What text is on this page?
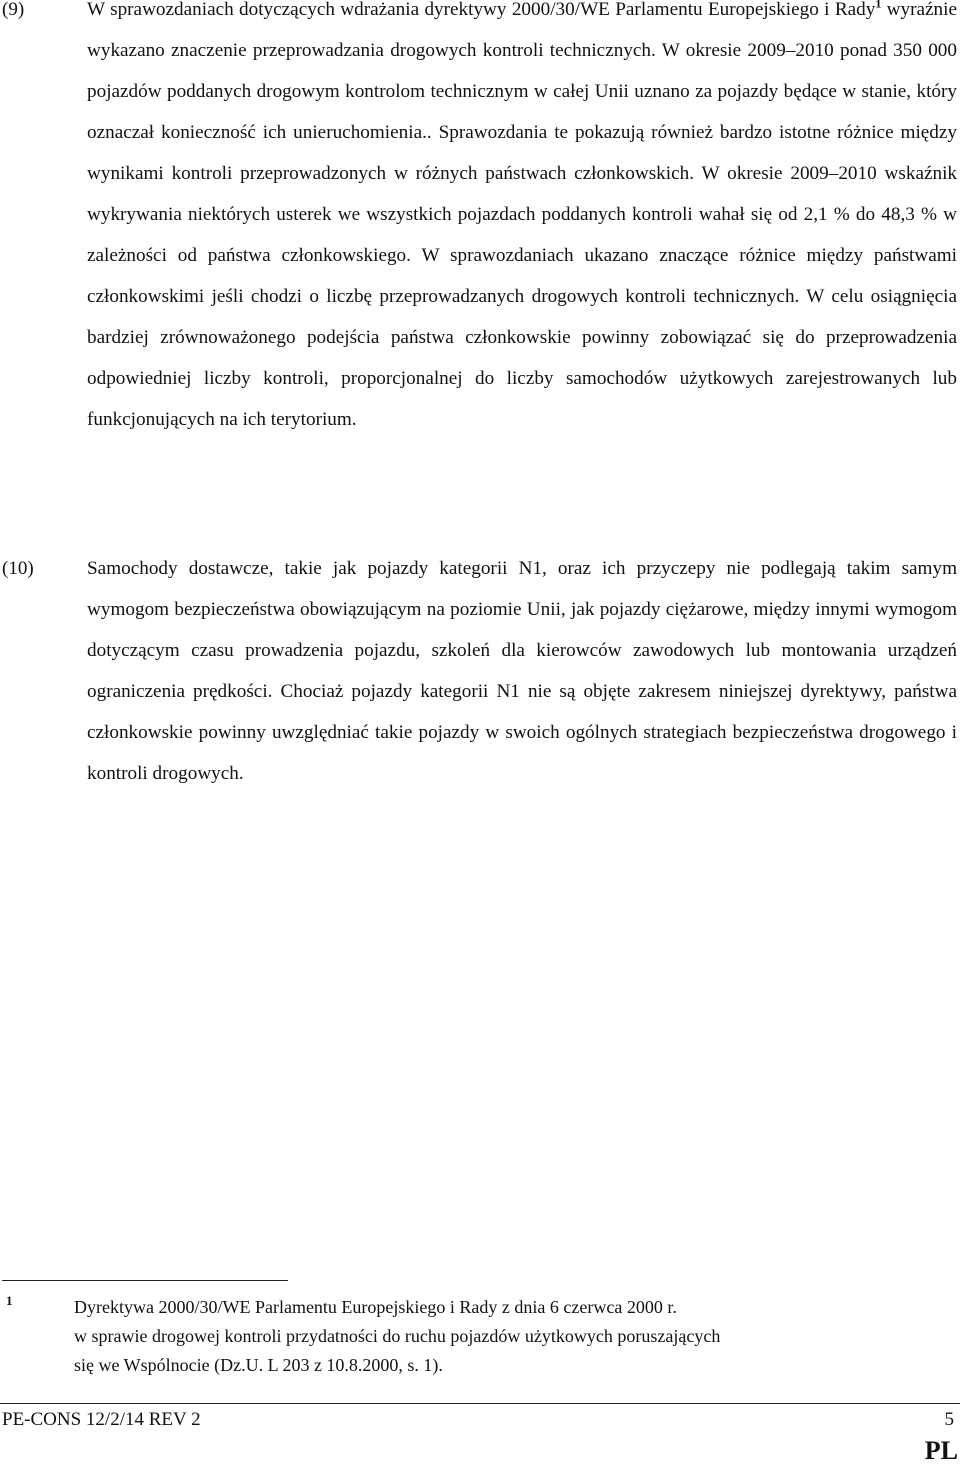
(9)	W sprawozdaniach dotyczących wdrażania dyrektywy 2000/30/WE Parlamentu Europejskiego i Rady$^1$ wyraźnie wykazano znaczenie przeprowadzania drogowych kontroli technicznych. W okresie 2009–2010 ponad 350 000 pojazdów poddanych drogowym kontrolom technicznym w całej Unii uznano za pojazdy będące w stanie, który oznaczał konieczność ich unieruchomienia.. Sprawozdania te pokazują również bardzo istotne różnice między wynikami kontroli przeprowadzonych w różnych państwach członkowskich. W okresie 2009–2010 wskaźnik wykrywania niektórych usterek we wszystkich pojazdach poddanych kontroli wahał się od 2,1 % do 48,3 % w zależności od państwa członkowskiego. W sprawozdaniach ukazano znaczące różnice między państwami członkowskimi jeśli chodzi o liczbę przeprowadzanych drogowych kontroli technicznych. W celu osiągnięcia bardziej zrównoważonego podejścia państwa członkowskie powinny zobowiązać się do przeprowadzenia odpowiedniej liczby kontroli, proporcjonalnej do liczby samochodów użytkowych zarejestrowanych lub funkcjonujących na ich terytorium.
(10)	Samochody dostawcze, takie jak pojazdy kategorii N1, oraz ich przyczepy nie podlegają takim samym wymogom bezpieczeństwa obowiązującym na poziomie Unii, jak pojazdy ciężarowe, między innymi wymogom dotyczącym czasu prowadzenia pojazdu, szkoleń dla kierowców zawodowych lub montowania urządzeń ograniczenia prędkości. Chociaż pojazdy kategorii N1 nie są objęte zakresem niniejszej dyrektywy, państwa członkowskie powinny uwzględniać takie pojazdy w swoich ogólnych strategiach bezpieczeństwa drogowego i kontroli drogowych.
1	Dyrektywa 2000/30/WE Parlamentu Europejskiego i Rady z dnia 6 czerwca 2000 r.
w sprawie drogowej kontroli przydatności do ruchu pojazdów użytkowych poruszających
się we Wspólnocie (Dz.U. L 203 z 10.8.2000, s. 1).
PE-CONS 12/2/14 REV 2	5
PL
